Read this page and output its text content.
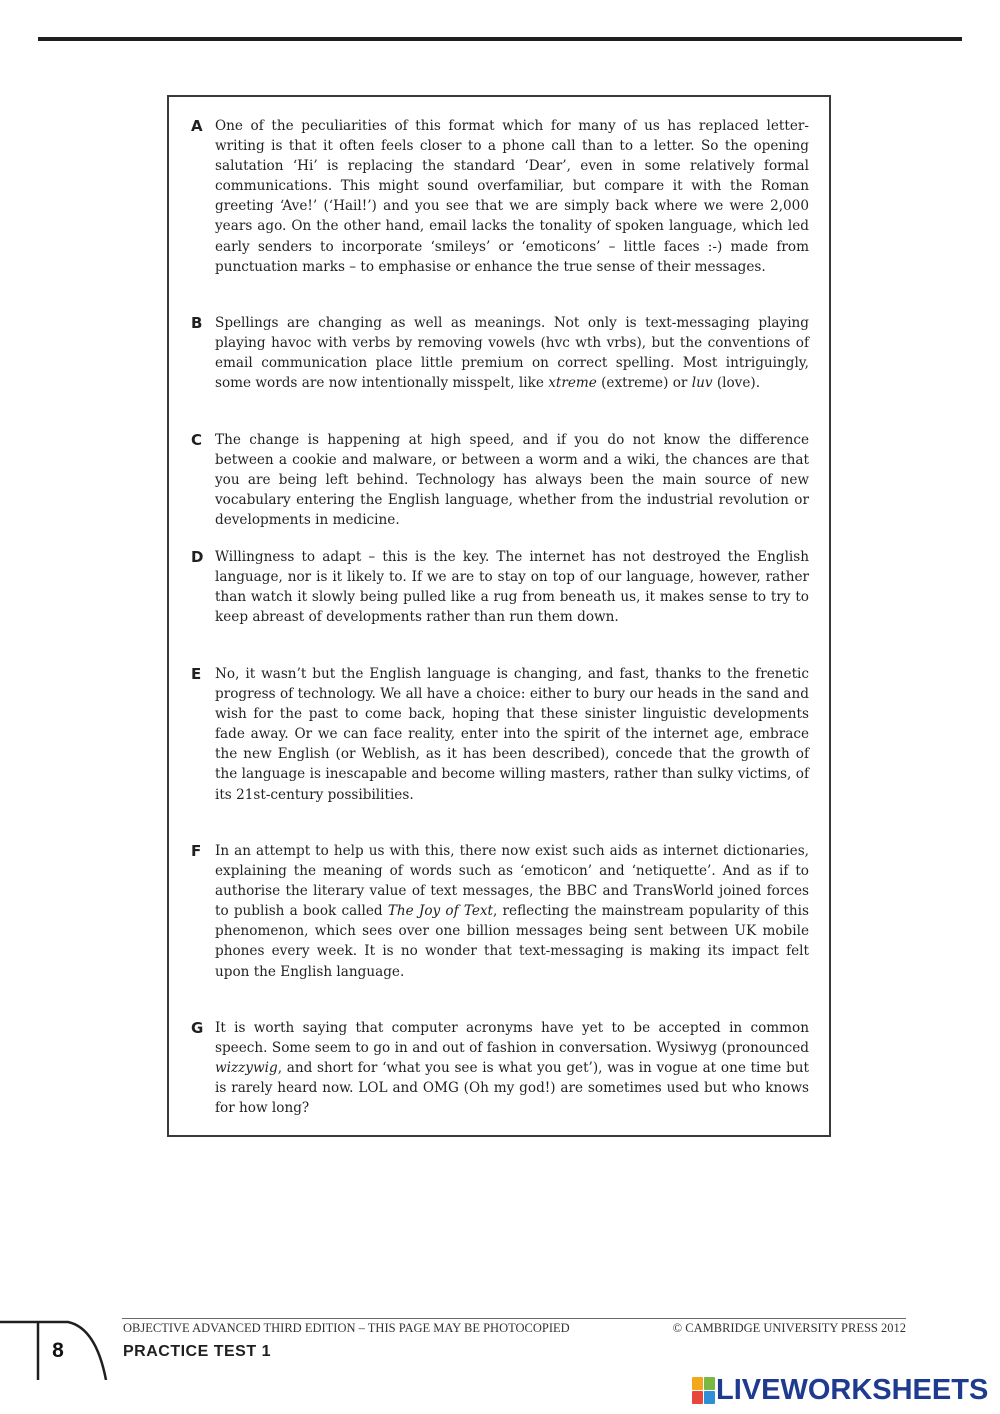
A One of the peculiarities of this format which for many of us has replaced letter-writing is that it often feels closer to a phone call than to a letter. So the opening salutation ‘Hi’ is replacing the standard ‘Dear’, even in some relatively formal communications. This might sound overfamiliar, but compare it with the Roman greeting ‘Ave!’ (‘Hail!’) and you see that we are simply back where we were 2,000 years ago. On the other hand, email lacks the tonality of spoken language, which led early senders to incorporate ‘smileys’ or ‘emoticons’ – little faces :-) made from punctuation marks – to emphasise or enhance the true sense of their messages.

B Spellings are changing as well as meanings. Not only is text-messaging playing playing havoc with verbs by removing vowels (hvc wth vrbs), but the conventions of email communication place little premium on correct spelling. Most intriguingly, some words are now intentionally misspelt, like xtreme (extreme) or luv (love).

C The change is happening at high speed, and if you do not know the difference between a cookie and malware, or between a worm and a wiki, the chances are that you are being left behind. Technology has always been the main source of new vocabulary entering the English language, whether from the industrial revolution or developments in medicine.

D Willingness to adapt – this is the key. The internet has not destroyed the English language, nor is it likely to. If we are to stay on top of our language, however, rather than watch it slowly being pulled like a rug from beneath us, it makes sense to try to keep abreast of developments rather than run them down.

E No, it wasn’t but the English language is changing, and fast, thanks to the frenetic progress of technology. We all have a choice: either to bury our heads in the sand and wish for the past to come back, hoping that these sinister linguistic developments fade away. Or we can face reality, enter into the spirit of the internet age, embrace the new English (or Weblish, as it has been described), concede that the growth of the language is inescapable and become willing masters, rather than sulky victims, of its 21st-century possibilities.

F In an attempt to help us with this, there now exist such aids as internet dictionaries, explaining the meaning of words such as ‘emoticon’ and ‘netiquette’. And as if to authorise the literary value of text messages, the BBC and TransWorld joined forces to publish a book called The Joy of Text, reflecting the mainstream popularity of this phenomenon, which sees over one billion messages being sent between UK mobile phones every week. It is no wonder that text-messaging is making its impact felt upon the English language.

G It is worth saying that computer acronyms have yet to be accepted in common speech. Some seem to go in and out of fashion in conversation. Wysiwyg (pronounced wizzywig, and short for ‘what you see is what you get’), was in vogue at one time but is rarely heard now. LOL and OMG (Oh my god!) are sometimes used but who knows for how long?

OBJECTIVE ADVANCED THIRD EDITION – THIS PAGE MAY BE PHOTOCOPIED	© CAMBRIDGE UNIVERSITY PRESS 2012
8	PRACTICE TEST 1
LIVEWORKSHEETS
